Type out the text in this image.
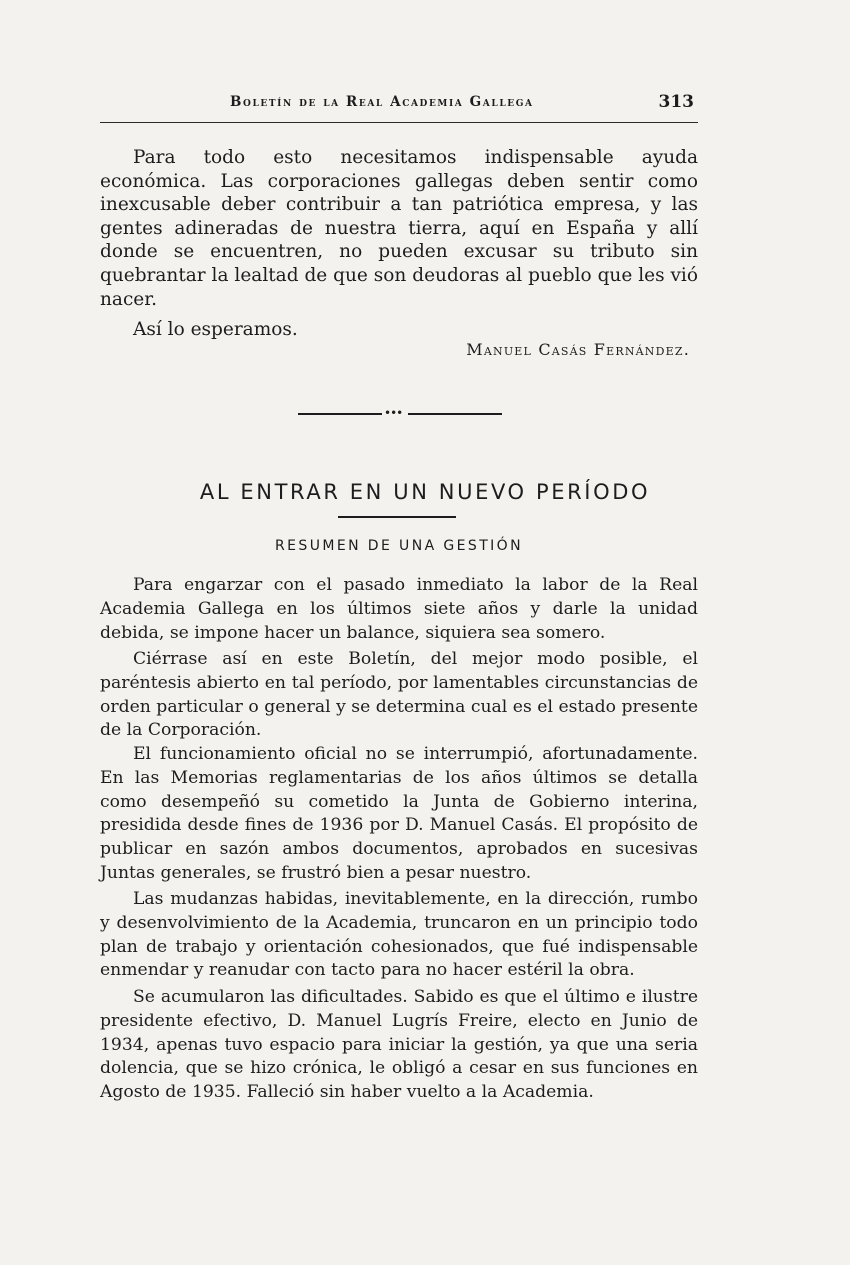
Boletín de la Real Academia Gallega	313

Para todo esto necesitamos indispensable ayuda económica. Las corporaciones gallegas deben sentir como inexcusable deber contribuir a tan patriótica empresa, y las gentes adineradas de nuestra tierra, aquí en España y allí donde se encuentren, no pueden excusar su tributo sin quebrantar la lealtad de que son deudoras al pueblo que les vió nacer.

Así lo esperamos.

Manuel Casás Fernández.
•••
AL ENTRAR EN UN NUEVO PERÍODO
RESUMEN DE UNA GESTIÓN

Para engarzar con el pasado inmediato la labor de la Real Academia Gallega en los últimos siete años y darle la unidad debida, se impone hacer un balance, siquiera sea somero.

Ciérrase así en este Boletín, del mejor modo posible, el paréntesis abierto en tal período, por lamentables circunstancias de orden particular o general y se determina cual es el estado presente de la Corporación.

El funcionamiento oficial no se interrumpió, afortunadamente. En las Memorias reglamentarias de los años últimos se detalla como desempeñó su cometido la Junta de Gobierno interina, presidida desde fines de 1936 por D. Manuel Casás. El propósito de publicar en sazón ambos documentos, aprobados en sucesivas Juntas generales, se frustró bien a pesar nuestro.

Las mudanzas habidas, inevitablemente, en la dirección, rumbo y desenvolvimiento de la Academia, truncaron en un principio todo plan de trabajo y orientación cohesionados, que fué indispensable enmendar y reanudar con tacto para no hacer estéril la obra.

Se acumularon las dificultades. Sabido es que el último e ilustre presidente efectivo, D. Manuel Lugrís Freire, electo en Junio de 1934, apenas tuvo espacio para iniciar la gestión, ya que una seria dolencia, que se hizo crónica, le obligó a cesar en sus funciones en Agosto de 1935. Falleció sin haber vuelto a la Academia.
